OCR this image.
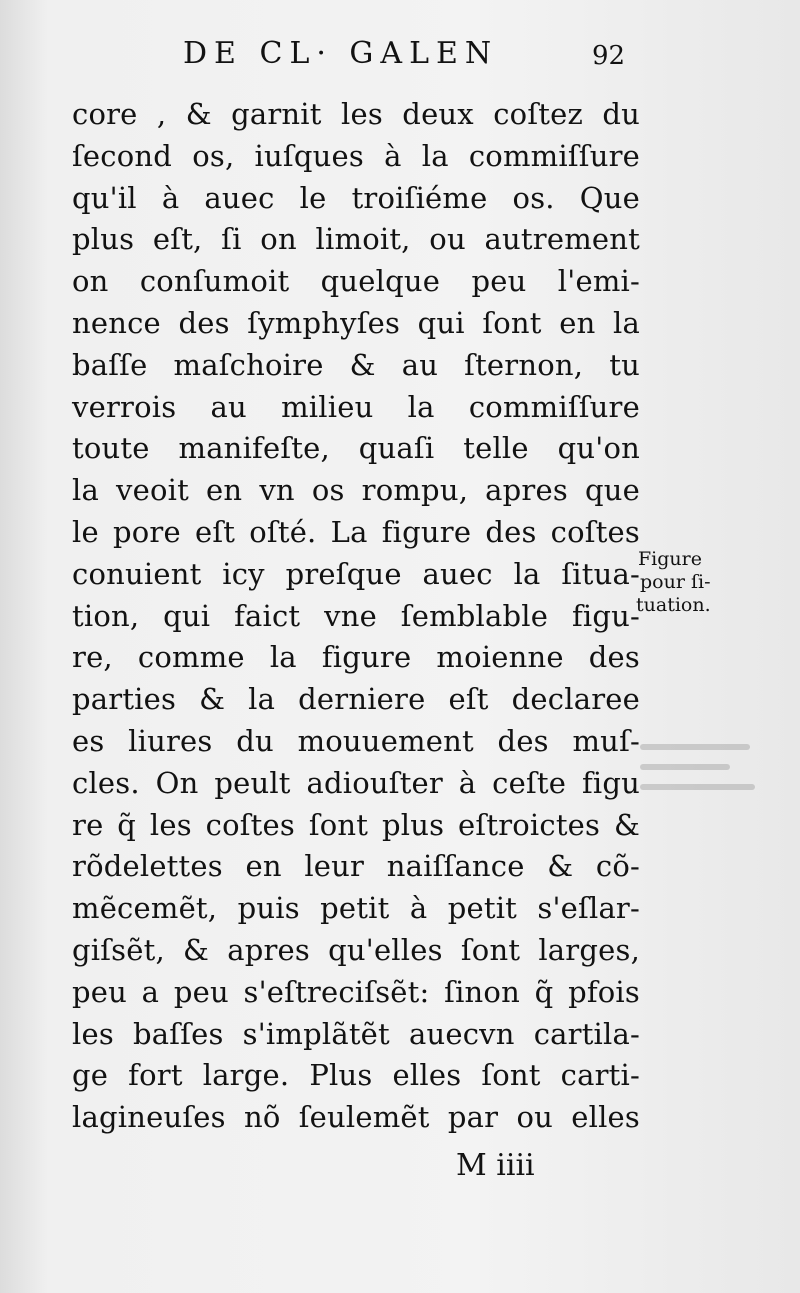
DE CL· GALEN	92
core , & garnit les deux coſtez du
ſecond os, iuſques à la commiſſure
qu'il à auec le troiſiéme os. Que
plus eſt, ſi on limoit, ou autrement
on conſumoit quelque peu l'emi-
nence des ſymphyſes qui ſont en la
baſſe maſchoire & au ſternon, tu
verrois au milieu la commiſſure
toute manifeſte, quaſi telle qu'on
la veoit en vn os rompu, apres que
le pore eſt oſté. La figure des coſtes
conuient icy preſque auec la ſitua-
tion, qui faict vne ſemblable figu-
re, comme la figure moienne des
parties & la derniere eſt declaree
es liures du mouuement des muſ-
cles. On peult adiouſter à ceſte figu
re q̃ les coſtes ſont plus eſtroictes &
rõdelettes en leur naiſſance & cõ-
mẽcemẽt, puis petit à petit s'eſlar-
giſsẽt, & apres qu'elles ſont larges,
peu a peu s'eſtreciſsẽt: ſinon q̃ pfois
les baſſes s'implãtẽt auecvn cartila-
ge fort large. Plus elles ſont carti-
lagineuſes nõ ſeulemẽt par ou elles
Figure
pour ſi-
tuation.
M iiii
